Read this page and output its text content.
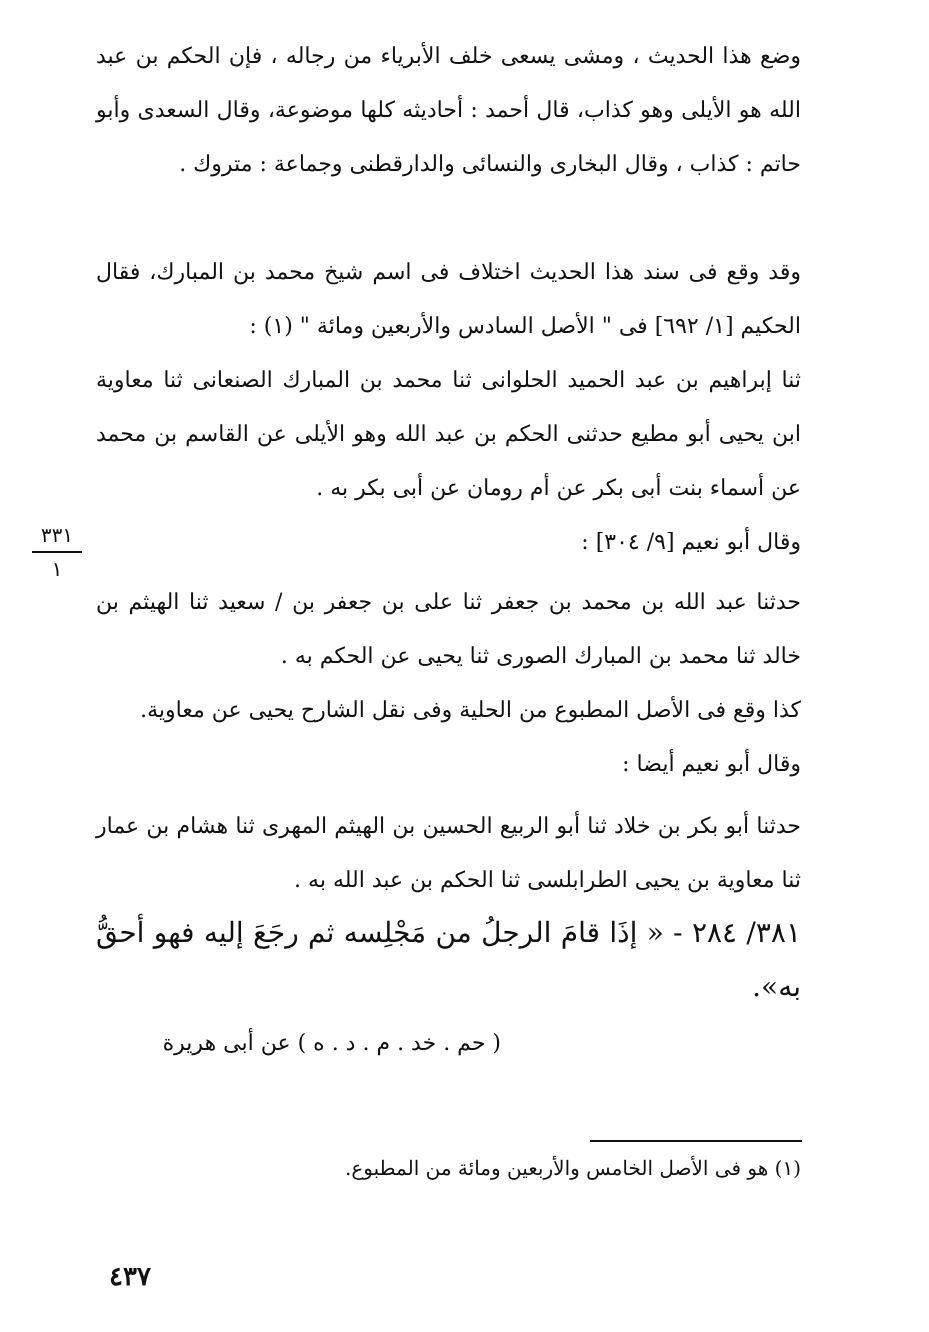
وضع هذا الحديث ، ومشى يسعى خلف الأبرياء من رجاله ، فإن الحكم بن عبد الله هو الأيلى وهو كذاب، قال أحمد : أحاديثه كلها موضوعة، وقال السعدى وأبو حاتم : كذاب ، وقال البخارى والنسائى والدارقطنى وجماعة : متروك .

وقد وقع فى سند هذا الحديث اختلاف فى اسم شيخ محمد بن المبارك، فقال الحكيم [١/ ٦٩٢] فى " الأصل السادس والأربعين ومائة " (١) :

ثنا إبراهيم بن عبد الحميد الحلوانى ثنا محمد بن المبارك الصنعانى ثنا معاوية ابن يحيى أبو مطيع حدثنى الحكم بن عبد الله وهو الأيلى عن القاسم بن محمد عن أسماء بنت أبى بكر عن أم رومان عن أبى بكر به .

وقال أبو نعيم [٩/ ٣٠٤] :

٣٣١
١

حدثنا عبد الله بن محمد بن جعفر ثنا على بن جعفر بن / سعيد ثنا الهيثم بن خالد ثنا محمد بن المبارك الصورى ثنا يحيى عن الحكم به .

كذا وقع فى الأصل المطبوع من الحلية وفى نقل الشارح يحيى عن معاوية.

وقال أبو نعيم أيضا :

حدثنا أبو بكر بن خلاد ثنا أبو الربيع الحسين بن الهيثم المهرى ثنا هشام بن عمار ثنا معاوية بن يحيى الطرابلسى ثنا الحكم بن عبد الله به .

٣٨١/ ٢٨٤ - « إذَا قامَ الرجلُ من مَجْلِسه ثم رجَعَ إليه فهو أحقُّ به».

( حم . خد . م . د . ه ) عن أبى هريرة

(١) هو فى الأصل الخامس والأربعين ومائة من المطبوع.

٤٣٧
